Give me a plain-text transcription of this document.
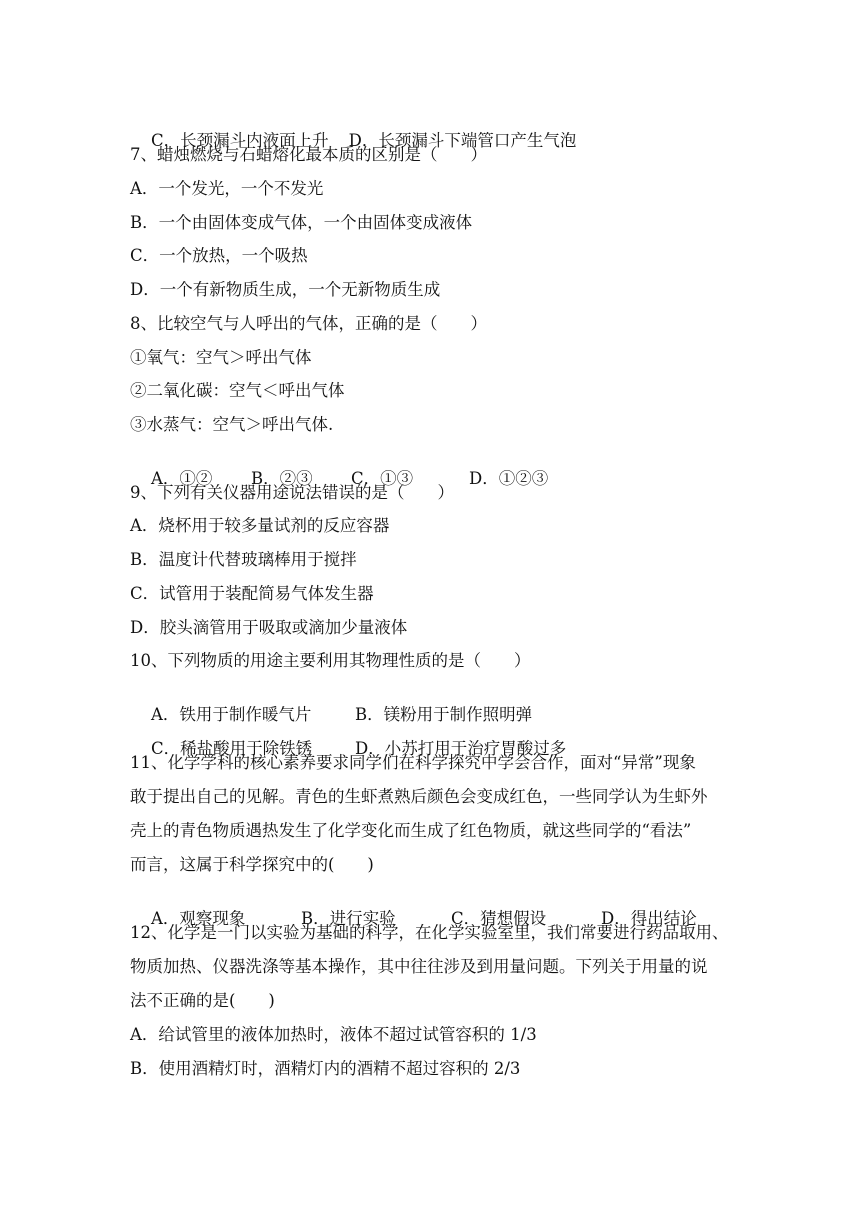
C．长颈漏斗内液面上升 D．长颈漏斗下端管口产生气泡

7、蜡烛燃烧与石蜡熔化最本质的区别是（　　）
A．一个发光，一个不发光
B．一个由固体变成气体，一个由固体变成液体
C．一个放热，一个吸热
D．一个有新物质生成，一个无新物质生成
8、比较空气与人呼出的气体，正确的是（　　）
①氧气：空气＞呼出气体
②二氧化碳：空气＜呼出气体
③水蒸气：空气＞呼出气体.

A．①② B．②③ C．①③	D．①②③

9、下列有关仪器用途说法错误的是（　　）
A．烧杯用于较多量试剂的反应容器
B．温度计代替玻璃棒用于搅拌
C．试管用于装配简易气体发生器
D．胶头滴管用于吸取或滴加少量液体
10、下列物质的用途主要利用其物理性质的是（　　）

A．铁用于制作暖气片	B．镁粉用于制作照明弹

C．稀盐酸用于除铁锈	D．小苏打用于治疗胃酸过多

11、化学学科的核心素养要求同学们在科学探究中学会合作，面对“异常”现象
敢于提出自己的见解。青色的生虾煮熟后颜色会变成红色，一些同学认为生虾外
壳上的青色物质遇热发生了化学变化而生成了红色物质，就这些同学的“看法”
而言，这属于科学探究中的(　　)

A．观察现象	B．进行实验	C．猜想假设	D．得出结论

12、化学是一门以实验为基础的科学，在化学实验室里，我们常要进行药品取用、
物质加热、仪器洗涤等基本操作，其中往往涉及到用量问题。下列关于用量的说
法不正确的是(　　)
A．给试管里的液体加热时，液体不超过试管容积的 1/3
B．使用酒精灯时，酒精灯内的酒精不超过容积的 2/3
